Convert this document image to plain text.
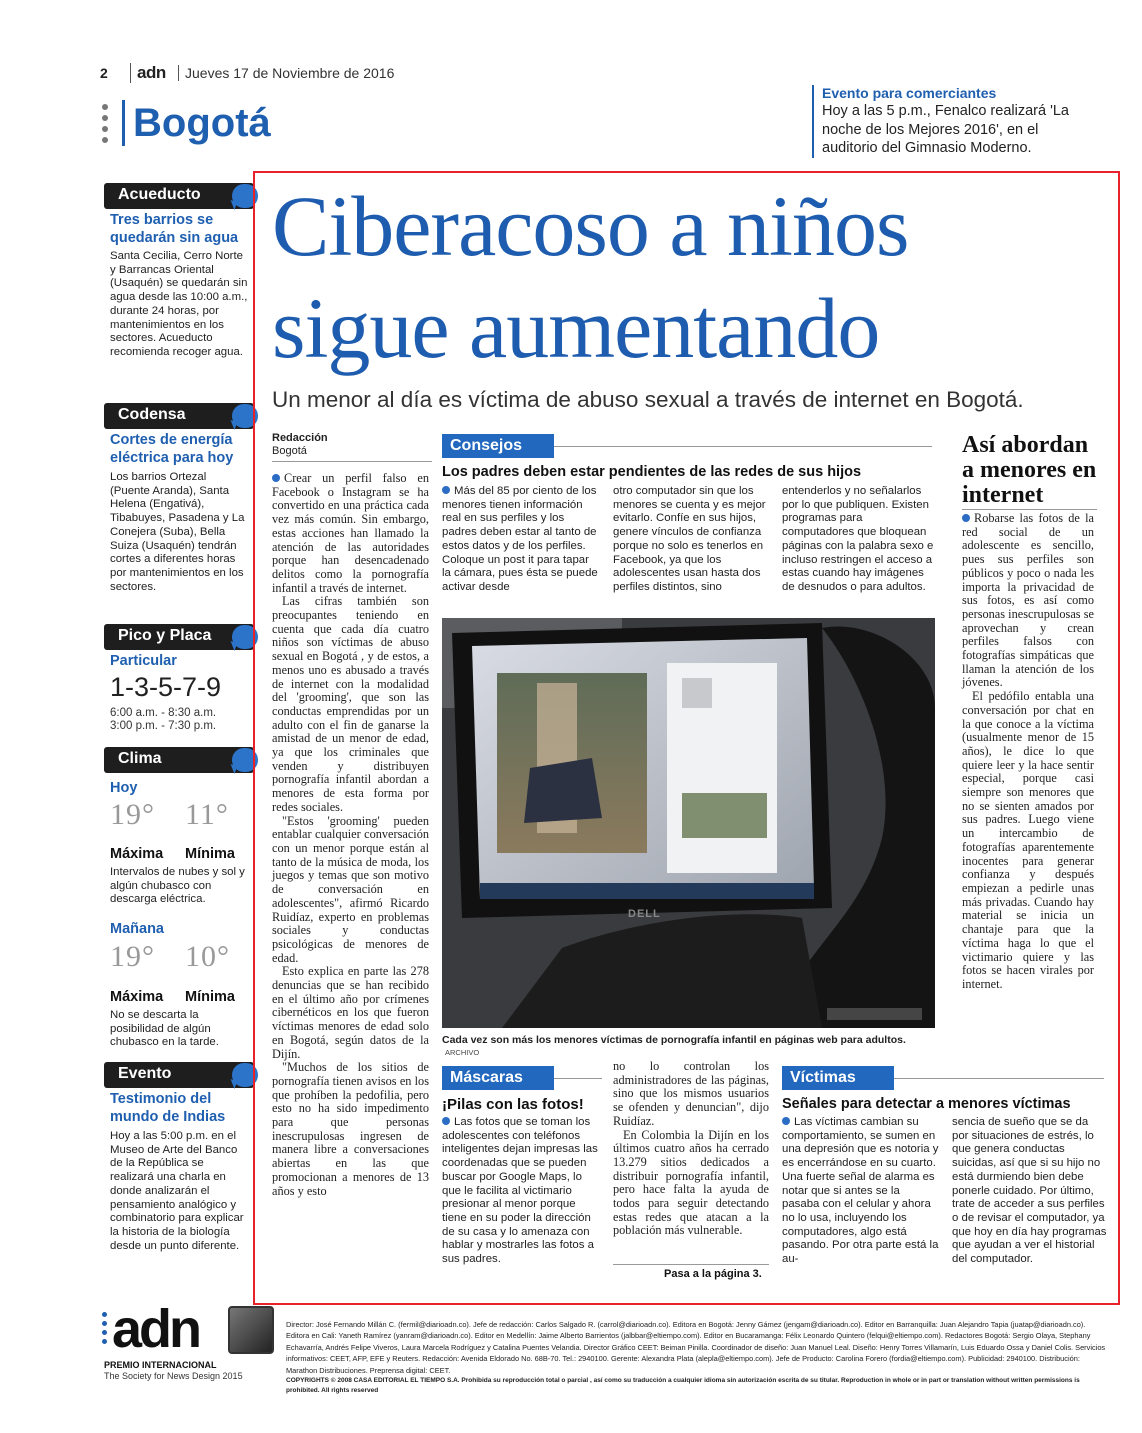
2	adn	Jueves 17 de Noviembre de 2016
Bogotá
Evento para comerciantes
Hoy a las 5 p.m., Fenalco realizará 'La noche de los Mejores 2016', en el auditorio del Gimnasio Moderno.
Acueducto
Tres barrios se quedarán sin agua
Santa Cecilia, Cerro Norte y Barrancas Oriental (Usaquén) se quedarán sin agua desde las 10:00 a.m., durante 24 horas, por mantenimientos en los sectores. Acueducto recomienda recoger agua.
Codensa
Cortes de energía eléctrica para hoy
Los barrios Ortezal (Puente Aranda), Santa Helena (Engativá), Tibabuyes, Pasadena y La Conejera (Suba), Bella Suiza (Usaquén) tendrán cortes a diferentes horas por mantenimientos en los sectores.
Pico y Placa
Particular
1-3-5-7-9
6:00 a.m. - 8:30 a.m.
3:00 p.m. - 7:30 p.m.
Clima
Hoy
19° 11°
Máxima Mínima
Intervalos de nubes y sol y algún chubasco con descarga eléctrica.
Mañana
19° 10°
Máxima Mínima
No se descarta la posibilidad de algún chubasco en la tarde.
Evento
Testimonio del mundo de Indias
Hoy a las 5:00 p.m. en el Museo de Arte del Banco de la República se realizará una charla en donde analizarán el pensamiento analógico y combinatorio para explicar la historia de la biología desde un punto diferente.
Ciberacoso a niños
sigue aumentando
Un menor al día es víctima de abuso sexual a través de internet en Bogotá.
Redacción
Bogotá

Crear un perfil falso en Facebook o Instagram se ha convertido en una práctica cada vez más común. Sin embargo, estas acciones han llamado la atención de las autoridades porque han desencadenado delitos como la pornografía infantil a través de internet.

Las cifras también son preocupantes teniendo en cuenta que cada día cuatro niños son víctimas de abuso sexual en Bogotá , y de estos, a menos uno es abusado a través de internet con la modalidad del 'grooming', que son las conductas emprendidas por un adulto con el fin de ganarse la amistad de un menor de edad, ya que los criminales que venden y distribuyen pornografía infantil abordan a menores de esta forma por redes sociales.

"Estos 'grooming' pueden entablar cualquier conversación con un menor porque están al tanto de la música de moda, los juegos y temas que son motivo de conversación en adolescentes", afirmó Ricardo Ruidíaz, experto en problemas sociales y conductas psicológicas de menores de edad.

Esto explica en parte las 278 denuncias que se han recibido en el último año por crímenes cibernéticos en los que fueron víctimas menores de edad solo en Bogotá, según datos de la Dijín.

"Muchos de los sitios de pornografía tienen avisos en los que prohíben la pedofilia, pero esto no ha sido impedimento para que personas inescrupulosas ingresen de manera libre a conversaciones abiertas en las que promocionan a menores de 13 años y esto

Consejos
Los padres deben estar pendientes de las redes de sus hijos
Más del 85 por ciento de los menores tienen información real en sus perfiles y los padres deben estar al tanto de estos datos y de los perfiles. Coloque un post it para tapar la cámara, pues ésta se puede activar desde
otro computador sin que los menores se cuenta y es mejor evitarlo. Confíe en sus hijos, genere vínculos de confianza porque no solo es tenerlos en Facebook, ya que los adolescentes usan hasta dos perfiles distintos, sino
entenderlos y no señalarlos por lo que publiquen. Existen programas para computadores que bloquean páginas con la palabra sexo e incluso restringen el acceso a estas cuando hay imágenes de desnudos o para adultos.
DELL
Cada vez son más los menores víctimas de pornografía infantil en páginas web para adultos. ARCHIVO
Así abordan a menores en internet

Robarse las fotos de la red social de un adolescente es sencillo, pues sus perfiles son públicos y poco o nada les importa la privacidad de sus fotos, es así como personas inescrupulosas se aprovechan y crean perfiles falsos con fotografías simpáticas que llaman la atención de los jóvenes.

El pedófilo entabla una conversación por chat en la que conoce a la víctima (usualmente menor de 15 años), le dice lo que quiere leer y la hace sentir especial, porque casi siempre son menores que no se sienten amados por sus padres. Luego viene un intercambio de fotografías aparentemente inocentes para generar confianza y después empiezan a pedirle unas más privadas. Cuando hay material se inicia un chantaje para que la víctima haga lo que el victimario quiere y las fotos se hacen virales por internet.

Máscaras
¡Pilas con las fotos!
Las fotos que se toman los adolescentes con teléfonos inteligentes dejan impresas las coordenadas que se pueden buscar por Google Maps, lo que le facilita al victimario presionar al menor porque tiene en su poder la dirección de su casa y lo amenaza con hablar y mostrarles las fotos a sus padres.

no lo controlan los administradores de las páginas, sino que los mismos usuarios se ofenden y denuncian", dijo Ruidíaz.

En Colombia la Dijín en los últimos cuatro años ha cerrado 13.279 sitios dedicados a distribuir pornografía infantil, pero hace falta la ayuda de todos para seguir detectando estas redes que atacan a la población más vulnerable.

Pasa a la página 3.
Víctimas
Señales para detectar a menores víctimas
Las víctimas cambian su comportamiento, se sumen en una depresión que es notoria y es encerrándose en su cuarto. Una fuerte señal de alarma es notar que si antes se la pasaba con el celular y ahora no lo usa, incluyendo los computadores, algo está pasando. Por otra parte está la au-
sencia de sueño que se da por situaciones de estrés, lo que genera conductas suicidas, así que si su hijo no está durmiendo bien debe ponerle cuidado. Por último, trate de acceder a sus perfiles o de revisar el computador, ya que hoy en día hay programas que ayudan a ver el historial del computador.
adn
PREMIO INTERNACIONAL
The Society for News Design 2015
Director: José Fernando Millán C. (fermil@diarioadn.co). Jefe de redacción: Carlos Salgado R. (carrol@diarioadn.co). Editora en Bogotá: Jenny Gámez (jengam@diarioadn.co). Editor en Barranquilla: Juan Alejandro Tapia (juatap@diarioadn.co). Editora en Cali: Yaneth Ramírez (yanram@diarioadn.co). Editor en Medellín: Jaime Alberto Barrientos (jalbbar@eltiempo.com). Editor en Bucaramanga: Félix Leonardo Quintero (felqui@eltiempo.com). Redactores Bogotá: Sergio Olaya, Stephany Echavarría, Andrés Felipe Viveros, Laura Marcela Rodríguez y Catalina Puentes Velandia. Director Gráfico CEET: Beiman Pinilla. Coordinador de diseño: Juan Manuel Leal. Diseño: Henry Torres Villamarín, Luis Eduardo Ossa y Daniel Colis. Servicios informativos: CEET, AFP, EFE y Reuters. Redacción: Avenida Eldorado No. 68B-70. Tel.: 2940100. Gerente: Alexandra Plata (alepla@eltiempo.com). Jefe de Producto: Carolina Forero (fordia@eltiempo.com). Publicidad: 2940100. Distribución: Marathon Distribuciones. Preprensa digital: CEET.
COPYRIGHTS © 2008 CASA EDITORIAL EL TIEMPO S.A. Prohibida su reproducción total o parcial , así como su traducción a cualquier idioma sin autorización escrita de su titular. Reproduction in whole or in part or translation without written permissions is prohibited. All rights reserved
